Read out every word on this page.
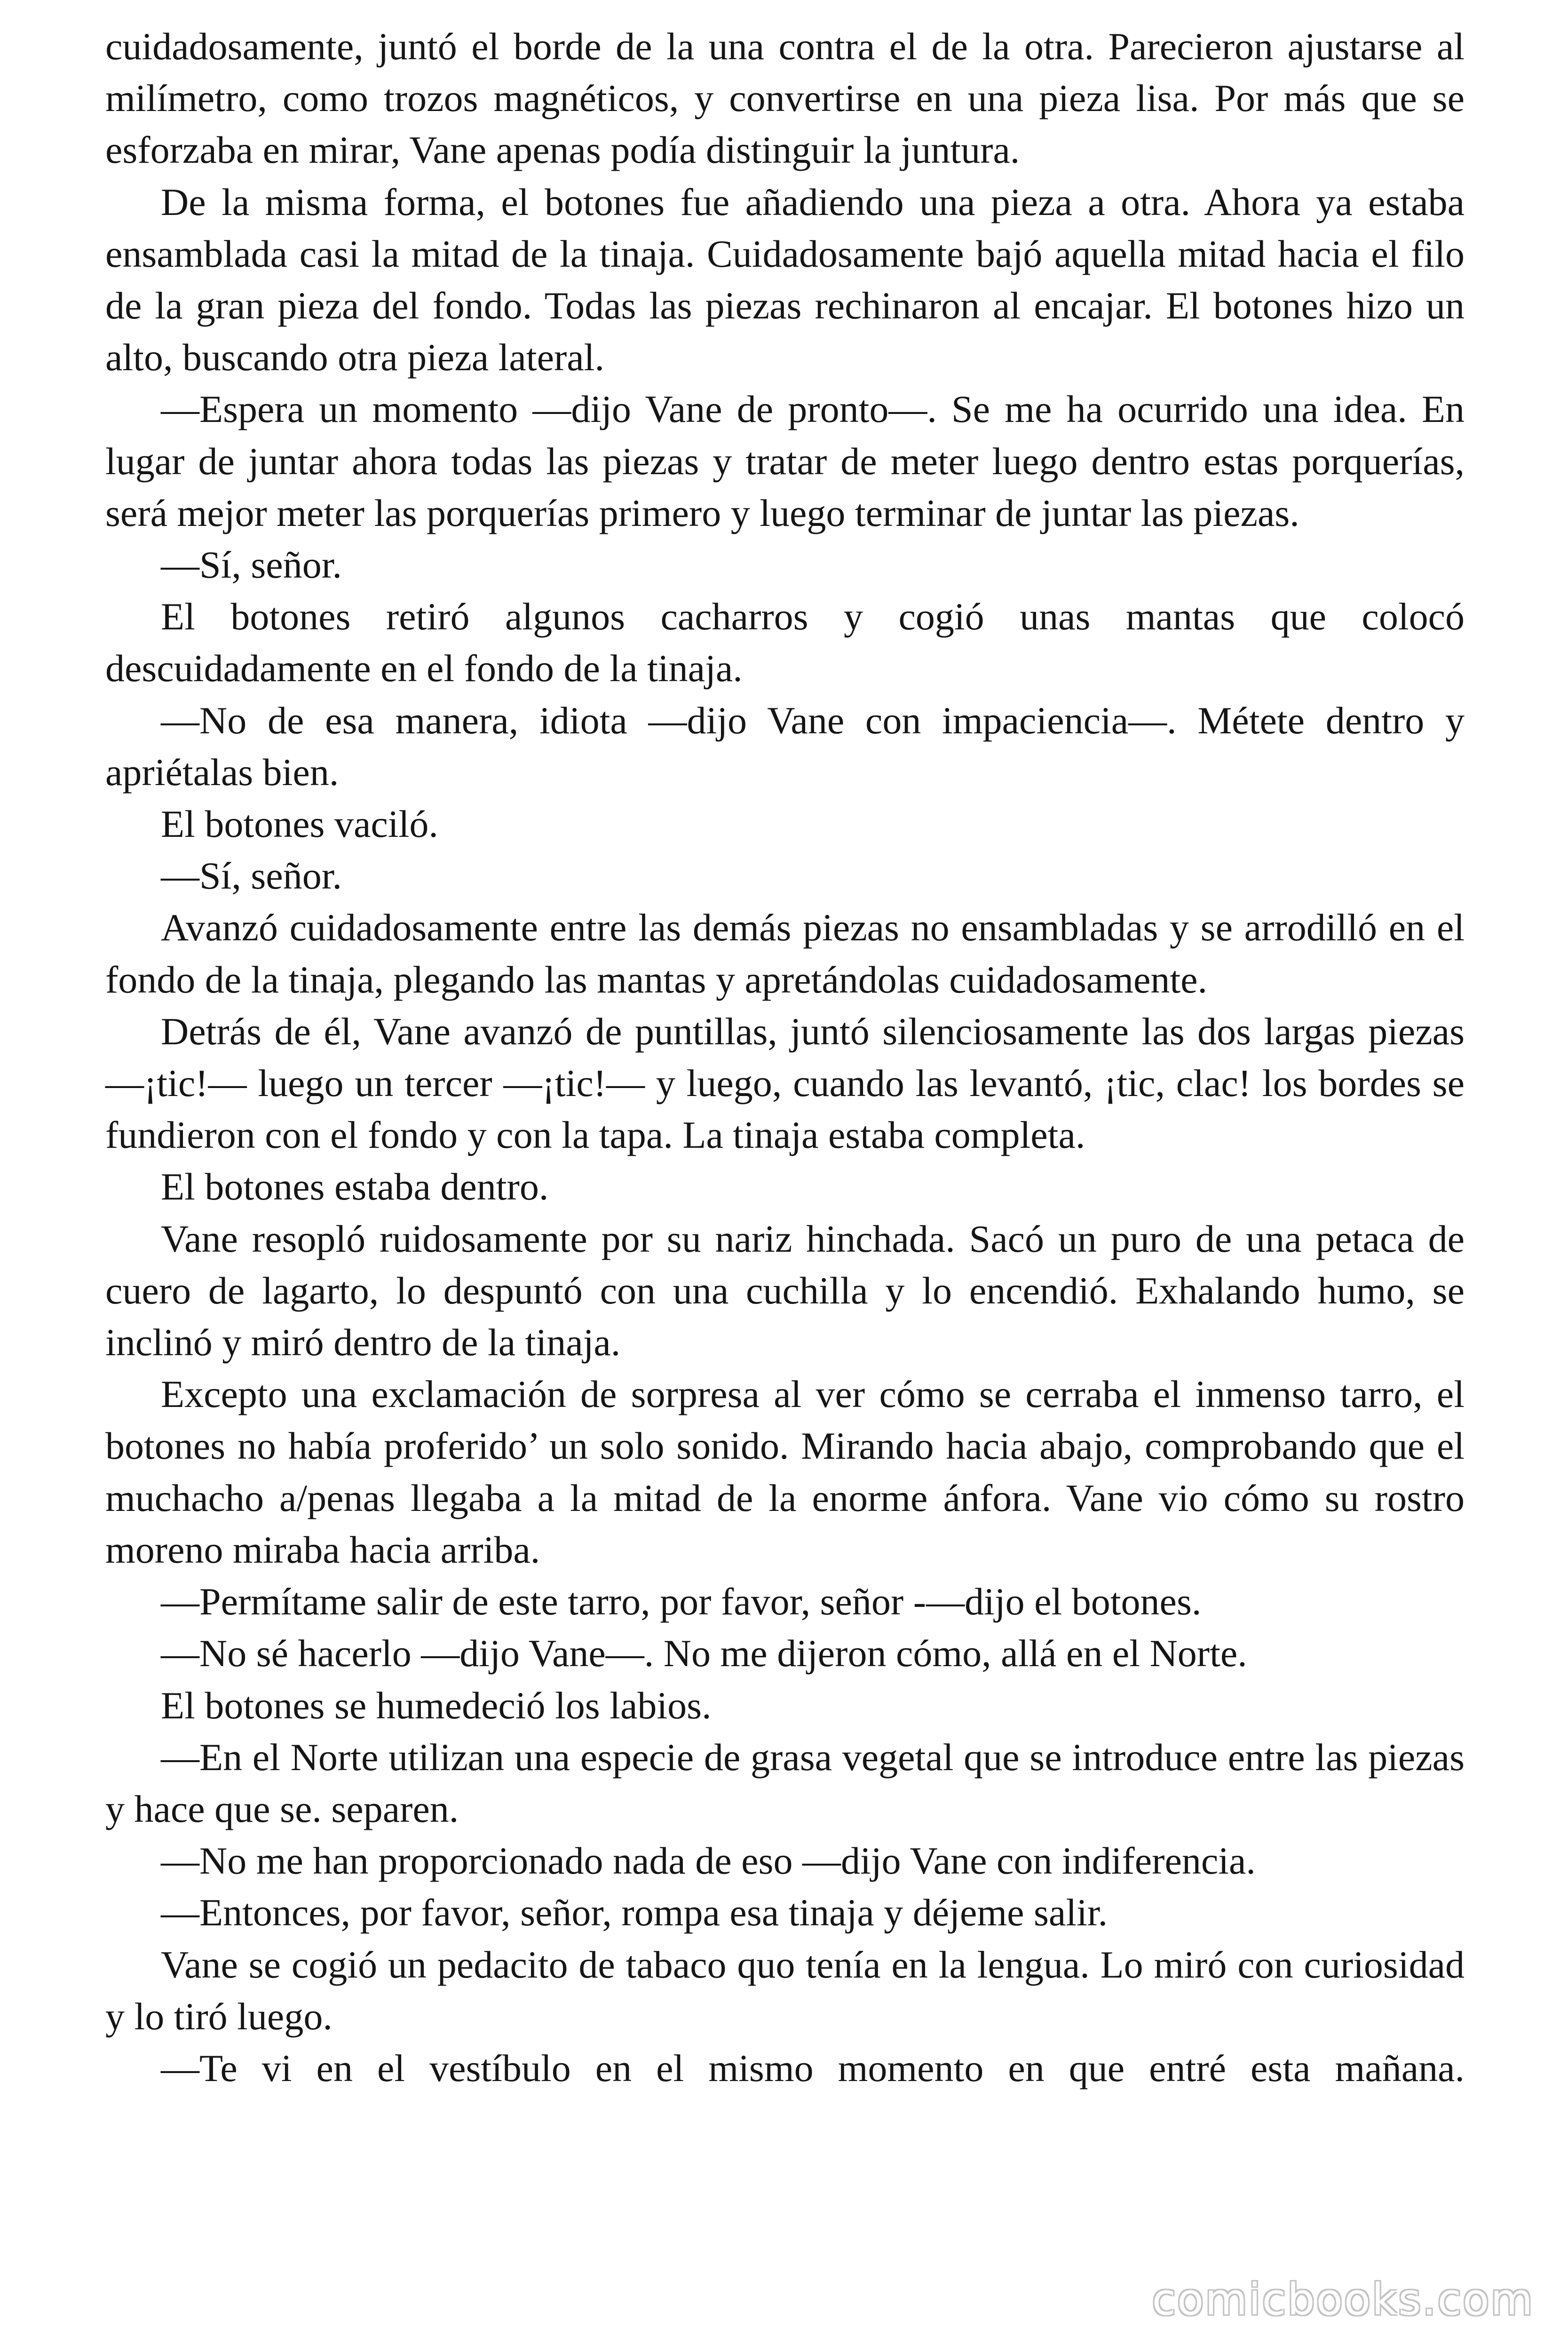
cuidadosamente, juntó el borde de la una contra el de la otra. Parecieron ajustarse al milímetro, como trozos magnéticos, y convertirse en una pieza lisa. Por más que se esforzaba en mirar, Vane apenas podía distinguir la juntura.

De la misma forma, el botones fue añadiendo una pieza a otra. Ahora ya estaba ensamblada casi la mitad de la tinaja. Cuidadosamente bajó aquella mitad hacia el filo de la gran pieza del fondo. Todas las piezas rechinaron al encajar. El botones hizo un alto, buscando otra pieza lateral.

—Espera un momento —dijo Vane de pronto—. Se me ha ocurrido una idea. En lugar de juntar ahora todas las piezas y tratar de meter luego dentro estas porquerías, será mejor meter las porquerías primero y luego terminar de juntar las piezas.

—Sí, señor.

El botones retiró algunos cacharros y cogió unas mantas que colocó descuidadamente en el fondo de la tinaja.

—No de esa manera, idiota —dijo Vane con impaciencia—. Métete dentro y apriétalas bien.

El botones vaciló.

—Sí, señor.

Avanzó cuidadosamente entre las demás piezas no ensambladas y se arrodilló en el fondo de la tinaja, plegando las mantas y apretándolas cuidadosamente.

Detrás de él, Vane avanzó de puntillas, juntó silenciosamente las dos largas piezas —¡tic!— luego un tercer —¡tic!— y luego, cuando las levantó, ¡tic, clac! los bordes se fundieron con el fondo y con la tapa. La tinaja estaba completa.

El botones estaba dentro.

Vane resopló ruidosamente por su nariz hinchada. Sacó un puro de una petaca de cuero de lagarto, lo despuntó con una cuchilla y lo encendió. Exhalando humo, se inclinó y miró dentro de la tinaja.

Excepto una exclamación de sorpresa al ver cómo se cerraba el inmenso tarro, el botones no había proferido’ un solo sonido. Mirando hacia abajo, comprobando que el muchacho a/penas llegaba a la mitad de la enorme ánfora. Vane vio cómo su rostro moreno miraba hacia arriba.

—Permítame salir de este tarro, por favor, señor -—dijo el botones.

—No sé hacerlo —dijo Vane—. No me dijeron cómo, allá en el Norte.

El botones se humedeció los labios.

—En el Norte utilizan una especie de grasa vegetal que se introduce entre las piezas y hace que se. separen.

—No me han proporcionado nada de eso —dijo Vane con indiferencia.

—Entonces, por favor, señor, rompa esa tinaja y déjeme salir.

Vane se cogió un pedacito de tabaco quo tenía en la lengua. Lo miró con curiosidad y lo tiró luego.

—Te vi en el vestíbulo en el mismo momento en que entré esta mañana.

comicbooks.com
